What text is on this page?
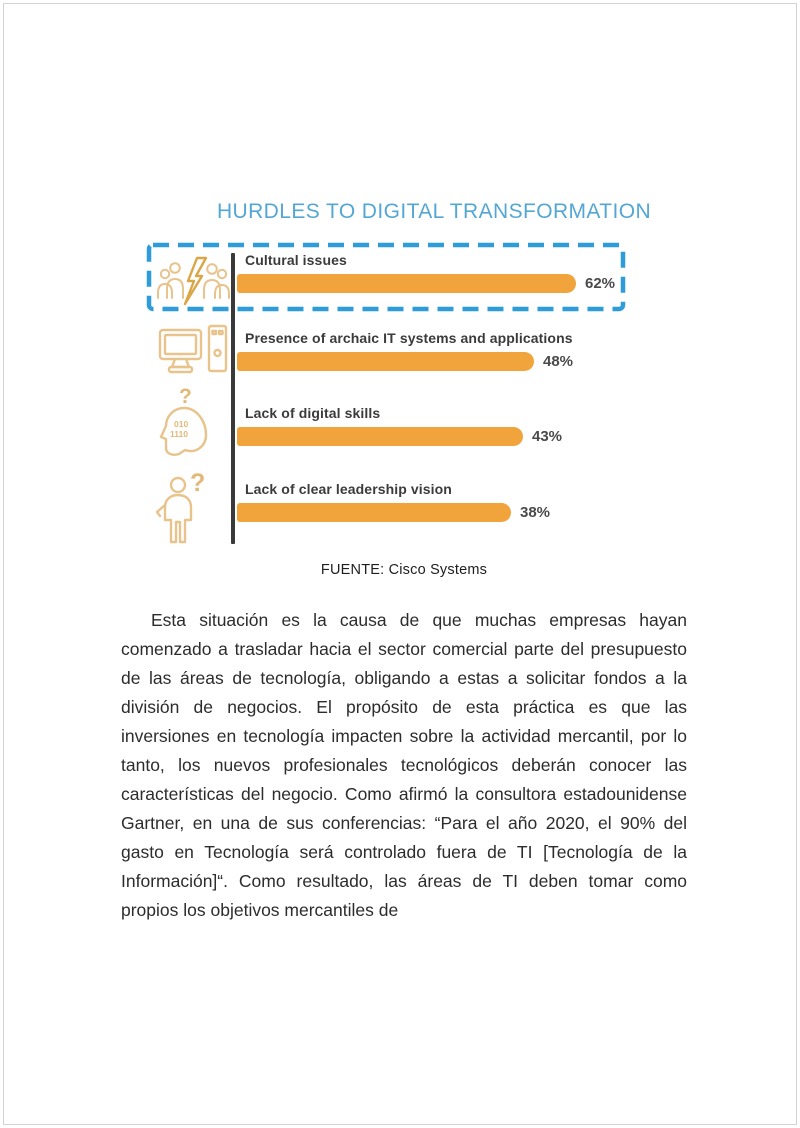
HURDLES TO DIGITAL TRANSFORMATION
?
010
1110
?
Cultural issues
62%
Presence of archaic IT systems and applications
48%
Lack of digital skills
43%
Lack of clear leadership vision
38%
FUENTE: Cisco Systems

Esta situación es la causa de que muchas empresas hayan comenzado a trasladar hacia el sector comercial parte del presupuesto de las áreas de tecnología, obligando a estas a solicitar fondos a la división de negocios. El propósito de esta práctica es que las inversiones en tecnología impacten sobre la actividad mercantil, por lo tanto, los nuevos profesionales tecnológicos deberán conocer las características del negocio. Como afirmó la consultora estadounidense Gartner, en una de sus conferencias: “Para el año 2020, el 90% del gasto en Tecnología será controlado fuera de TI [Tecnología de la Información]“. Como resultado, las áreas de TI deben tomar como propios los objetivos mercantiles de
